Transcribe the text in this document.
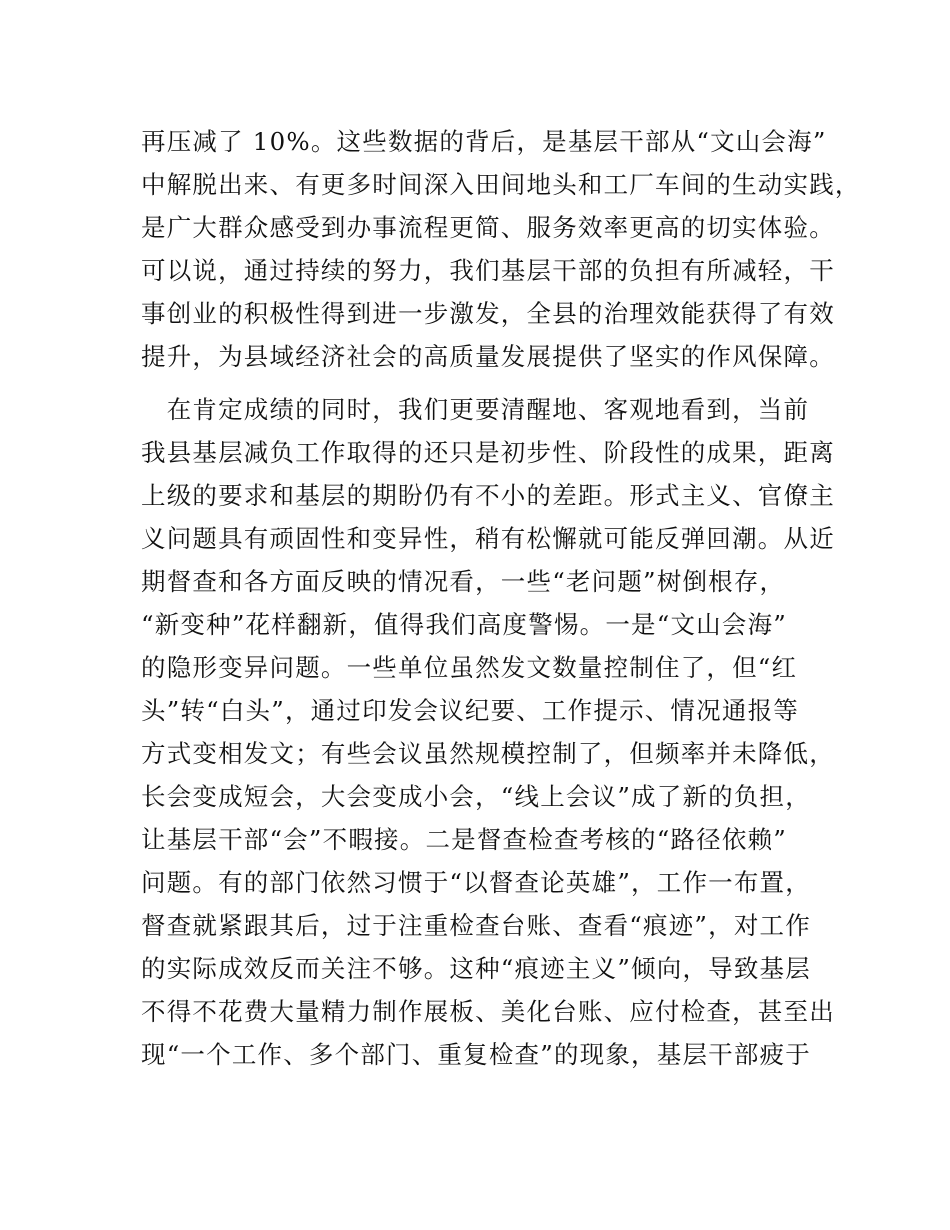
再压减了 10%。这些数据的背后，是基层干部从“文山会海”
中解脱出来、有更多时间深入田间地头和工厂车间的生动实践，
是广大群众感受到办事流程更简、服务效率更高的切实体验。
可以说，通过持续的努力，我们基层干部的负担有所减轻，干
事创业的积极性得到进一步激发，全县的治理效能获得了有效
提升，为县域经济社会的高质量发展提供了坚实的作风保障。
　在肯定成绩的同时，我们更要清醒地、客观地看到，当前
我县基层减负工作取得的还只是初步性、阶段性的成果，距离
上级的要求和基层的期盼仍有不小的差距。形式主义、官僚主
义问题具有顽固性和变异性，稍有松懈就可能反弹回潮。从近
期督查和各方面反映的情况看，一些“老问题”树倒根存，
“新变种”花样翻新，值得我们高度警惕。一是“文山会海”
的隐形变异问题。一些单位虽然发文数量控制住了，但“红
头”转“白头”，通过印发会议纪要、工作提示、情况通报等
方式变相发文；有些会议虽然规模控制了，但频率并未降低，
长会变成短会，大会变成小会，“线上会议”成了新的负担，
让基层干部“会”不暇接。二是督查检查考核的“路径依赖”
问题。有的部门依然习惯于“以督查论英雄”，工作一布置，
督查就紧跟其后，过于注重检查台账、查看“痕迹”，对工作
的实际成效反而关注不够。这种“痕迹主义”倾向，导致基层
不得不花费大量精力制作展板、美化台账、应付检查，甚至出
现“一个工作、多个部门、重复检查”的现象，基层干部疲于
